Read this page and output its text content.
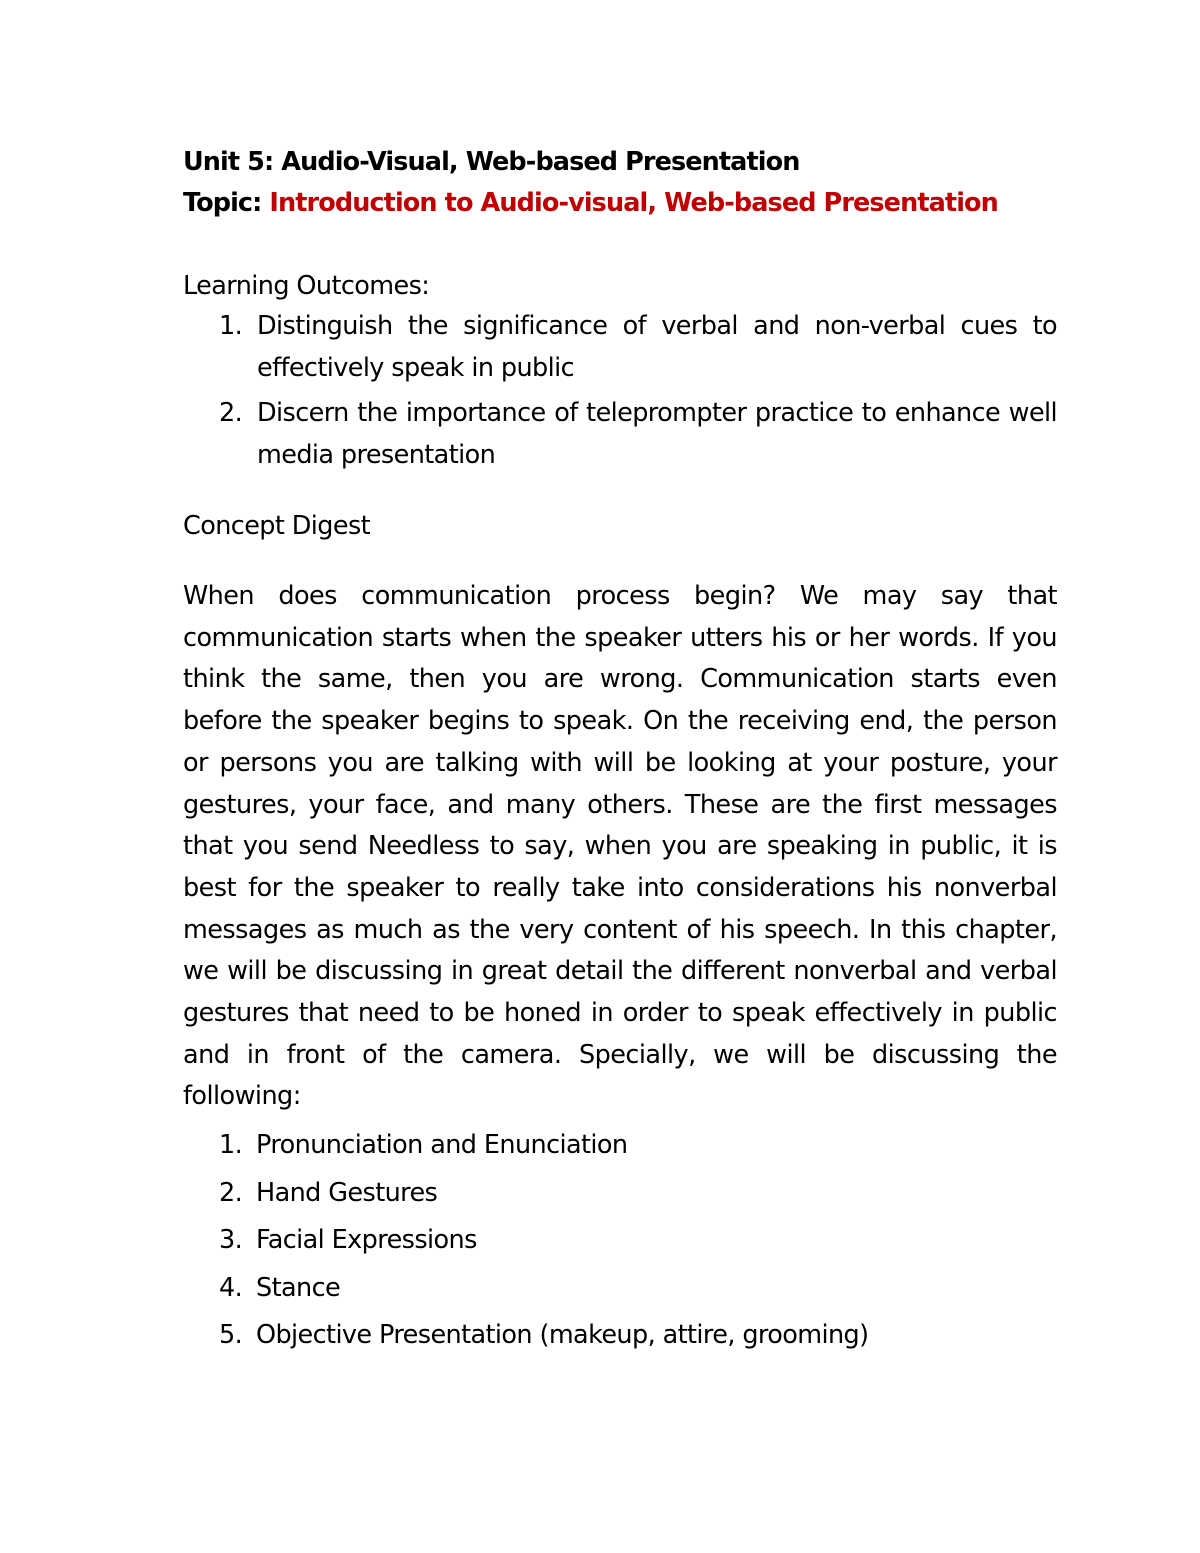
Unit 5: Audio-Visual, Web-based Presentation
Topic: Introduction to Audio-visual, Web-based Presentation
Learning Outcomes:
1. Distinguish the significance of verbal and non-verbal cues to effectively speak in public
2. Discern the importance of teleprompter practice to enhance well media presentation
Concept Digest

When does communication process begin? We may say that communication starts when the speaker utters his or her words. If you think the same, then you are wrong. Communication starts even before the speaker begins to speak. On the receiving end, the person or persons you are talking with will be looking at your posture, your gestures, your face, and many others. These are the first messages that you send Needless to say, when you are speaking in public, it is best for the speaker to really take into considerations his nonverbal messages as much as the very content of his speech. In this chapter, we will be discussing in great detail the different nonverbal and verbal gestures that need to be honed in order to speak effectively in public and in front of the camera. Specially, we will be discussing the following:

1. Pronunciation and Enunciation
2. Hand Gestures
3. Facial Expressions
4. Stance
5. Objective Presentation (makeup, attire, grooming)
